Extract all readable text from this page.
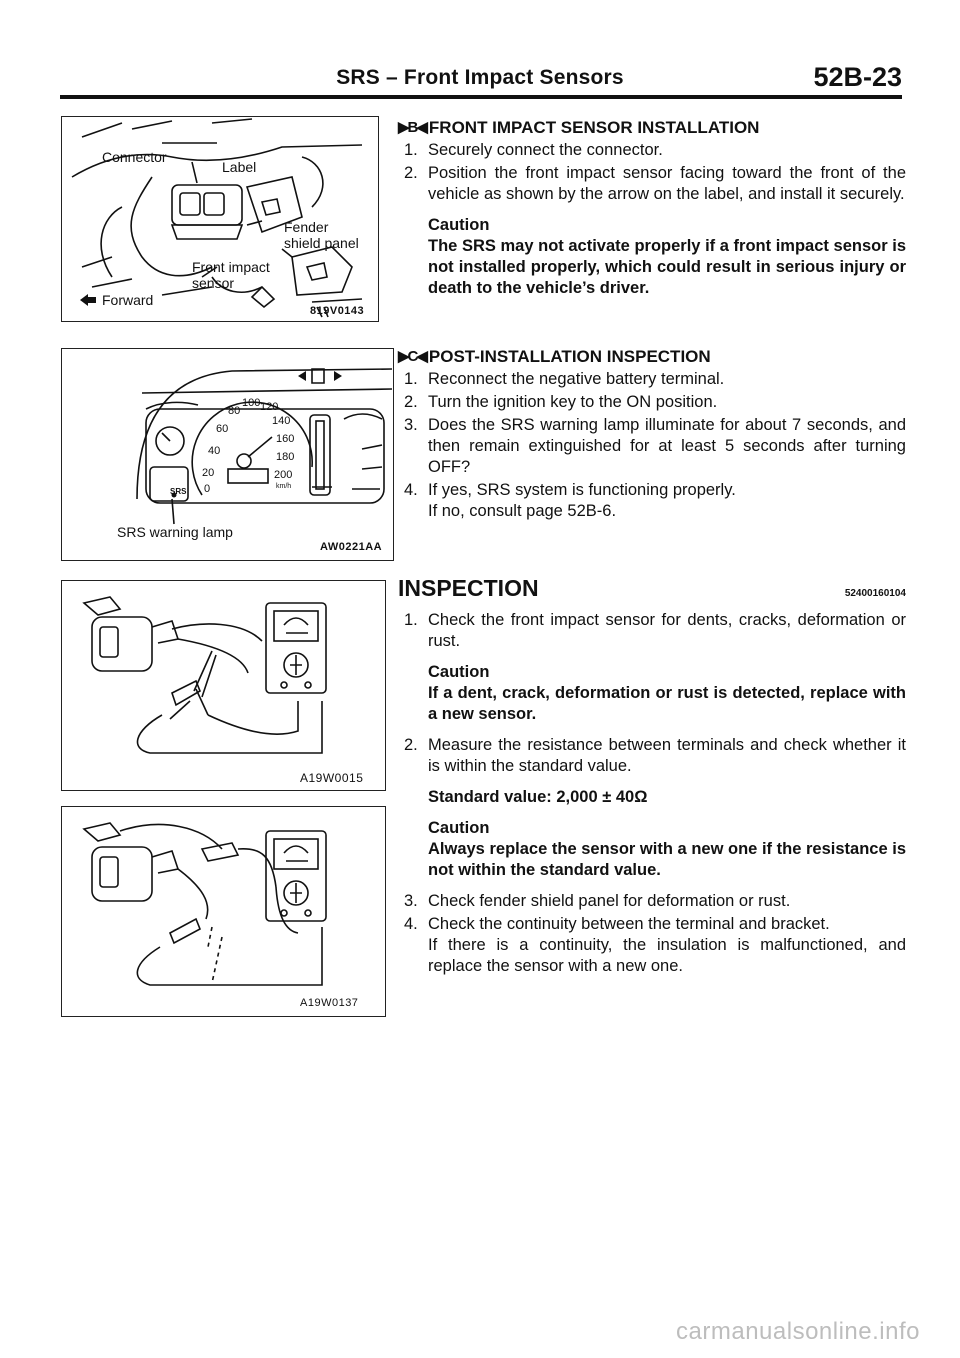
SRS – Front Impact Sensors	52B-23
Connector
Label
Fender
shield panel
Front impact
sensor
Forward
819V0143
20
40
60
80
100 120
140
160
180
200
0	km/h
SRS
SRS warning lamp
AW0221AA
A19W0015
A19W0137
▶B◀ FRONT IMPACT SENSOR INSTALLATION
1. Securely connect the connector.
2. Position the front impact sensor facing toward the front of the vehicle as shown by the arrow on the label, and install it securely.
Caution
The SRS may not activate properly if a front impact sensor is not installed properly, which could result in serious injury or death to the vehicle’s driver.
▶C◀ POST-INSTALLATION INSPECTION
1. Reconnect the negative battery terminal.
2. Turn the ignition key to the ON position.
3. Does the SRS warning lamp illuminate for about 7 seconds, and then remain extinguished for at least 5 seconds after turning OFF?
4. If yes, SRS system is functioning properly.
If no, consult page 52B-6.
INSPECTION	52400160104
1. Check the front impact sensor for dents, cracks, deformation or rust.
Caution
If a dent, crack, deformation or rust is detected, replace with a new sensor.
2. Measure the resistance between terminals and check whether it is within the standard value.
Standard value: 2,000 ± 40Ω
Caution
Always replace the sensor with a new one if the resistance is not within the standard value.
3. Check fender shield panel for deformation or rust.
4. Check the continuity between the terminal and bracket.
If there is a continuity, the insulation is malfunctioned, and replace the sensor with a new one.
carmanualsonline.info
